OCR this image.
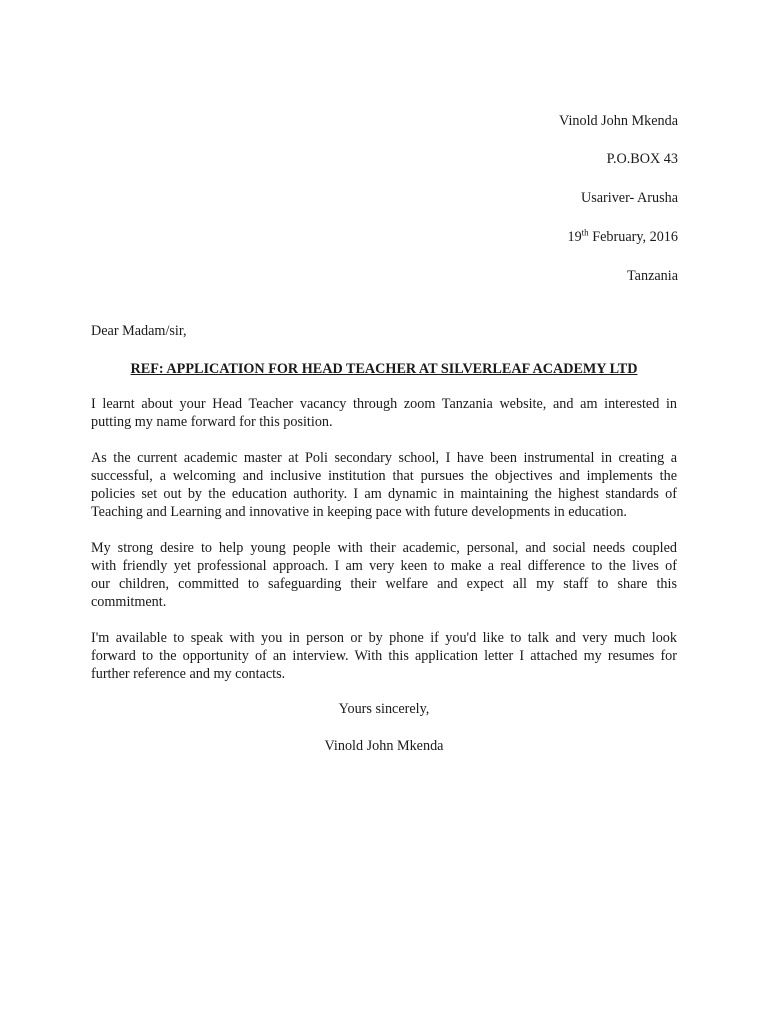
Vinold John Mkenda
P.O.BOX 43
Usariver- Arusha
19th February, 2016
Tanzania
Dear Madam/sir,
REF: APPLICATION FOR HEAD TEACHER AT SILVERLEAF ACADEMY LTD
I learnt about your Head Teacher vacancy through zoom Tanzania website, and am interested in
putting my name forward for this position.
As the current academic master at Poli secondary school, I have been instrumental in creating a
successful, a welcoming and inclusive institution that pursues the objectives and implements the
policies set out by the education authority. I am dynamic in maintaining the highest standards of
Teaching and Learning and innovative in keeping pace with future developments in education.
My strong desire to help young people with their academic, personal, and social needs coupled
with friendly yet professional approach. I am very keen to make a real difference to the lives of
our children, committed to safeguarding their welfare and expect all my staff to share this
commitment.
I'm available to speak with you in person or by phone if you'd like to talk and very much look
forward to the opportunity of an interview. With this application letter I attached my resumes for
further reference and my contacts.
Yours sincerely,
Vinold John Mkenda
